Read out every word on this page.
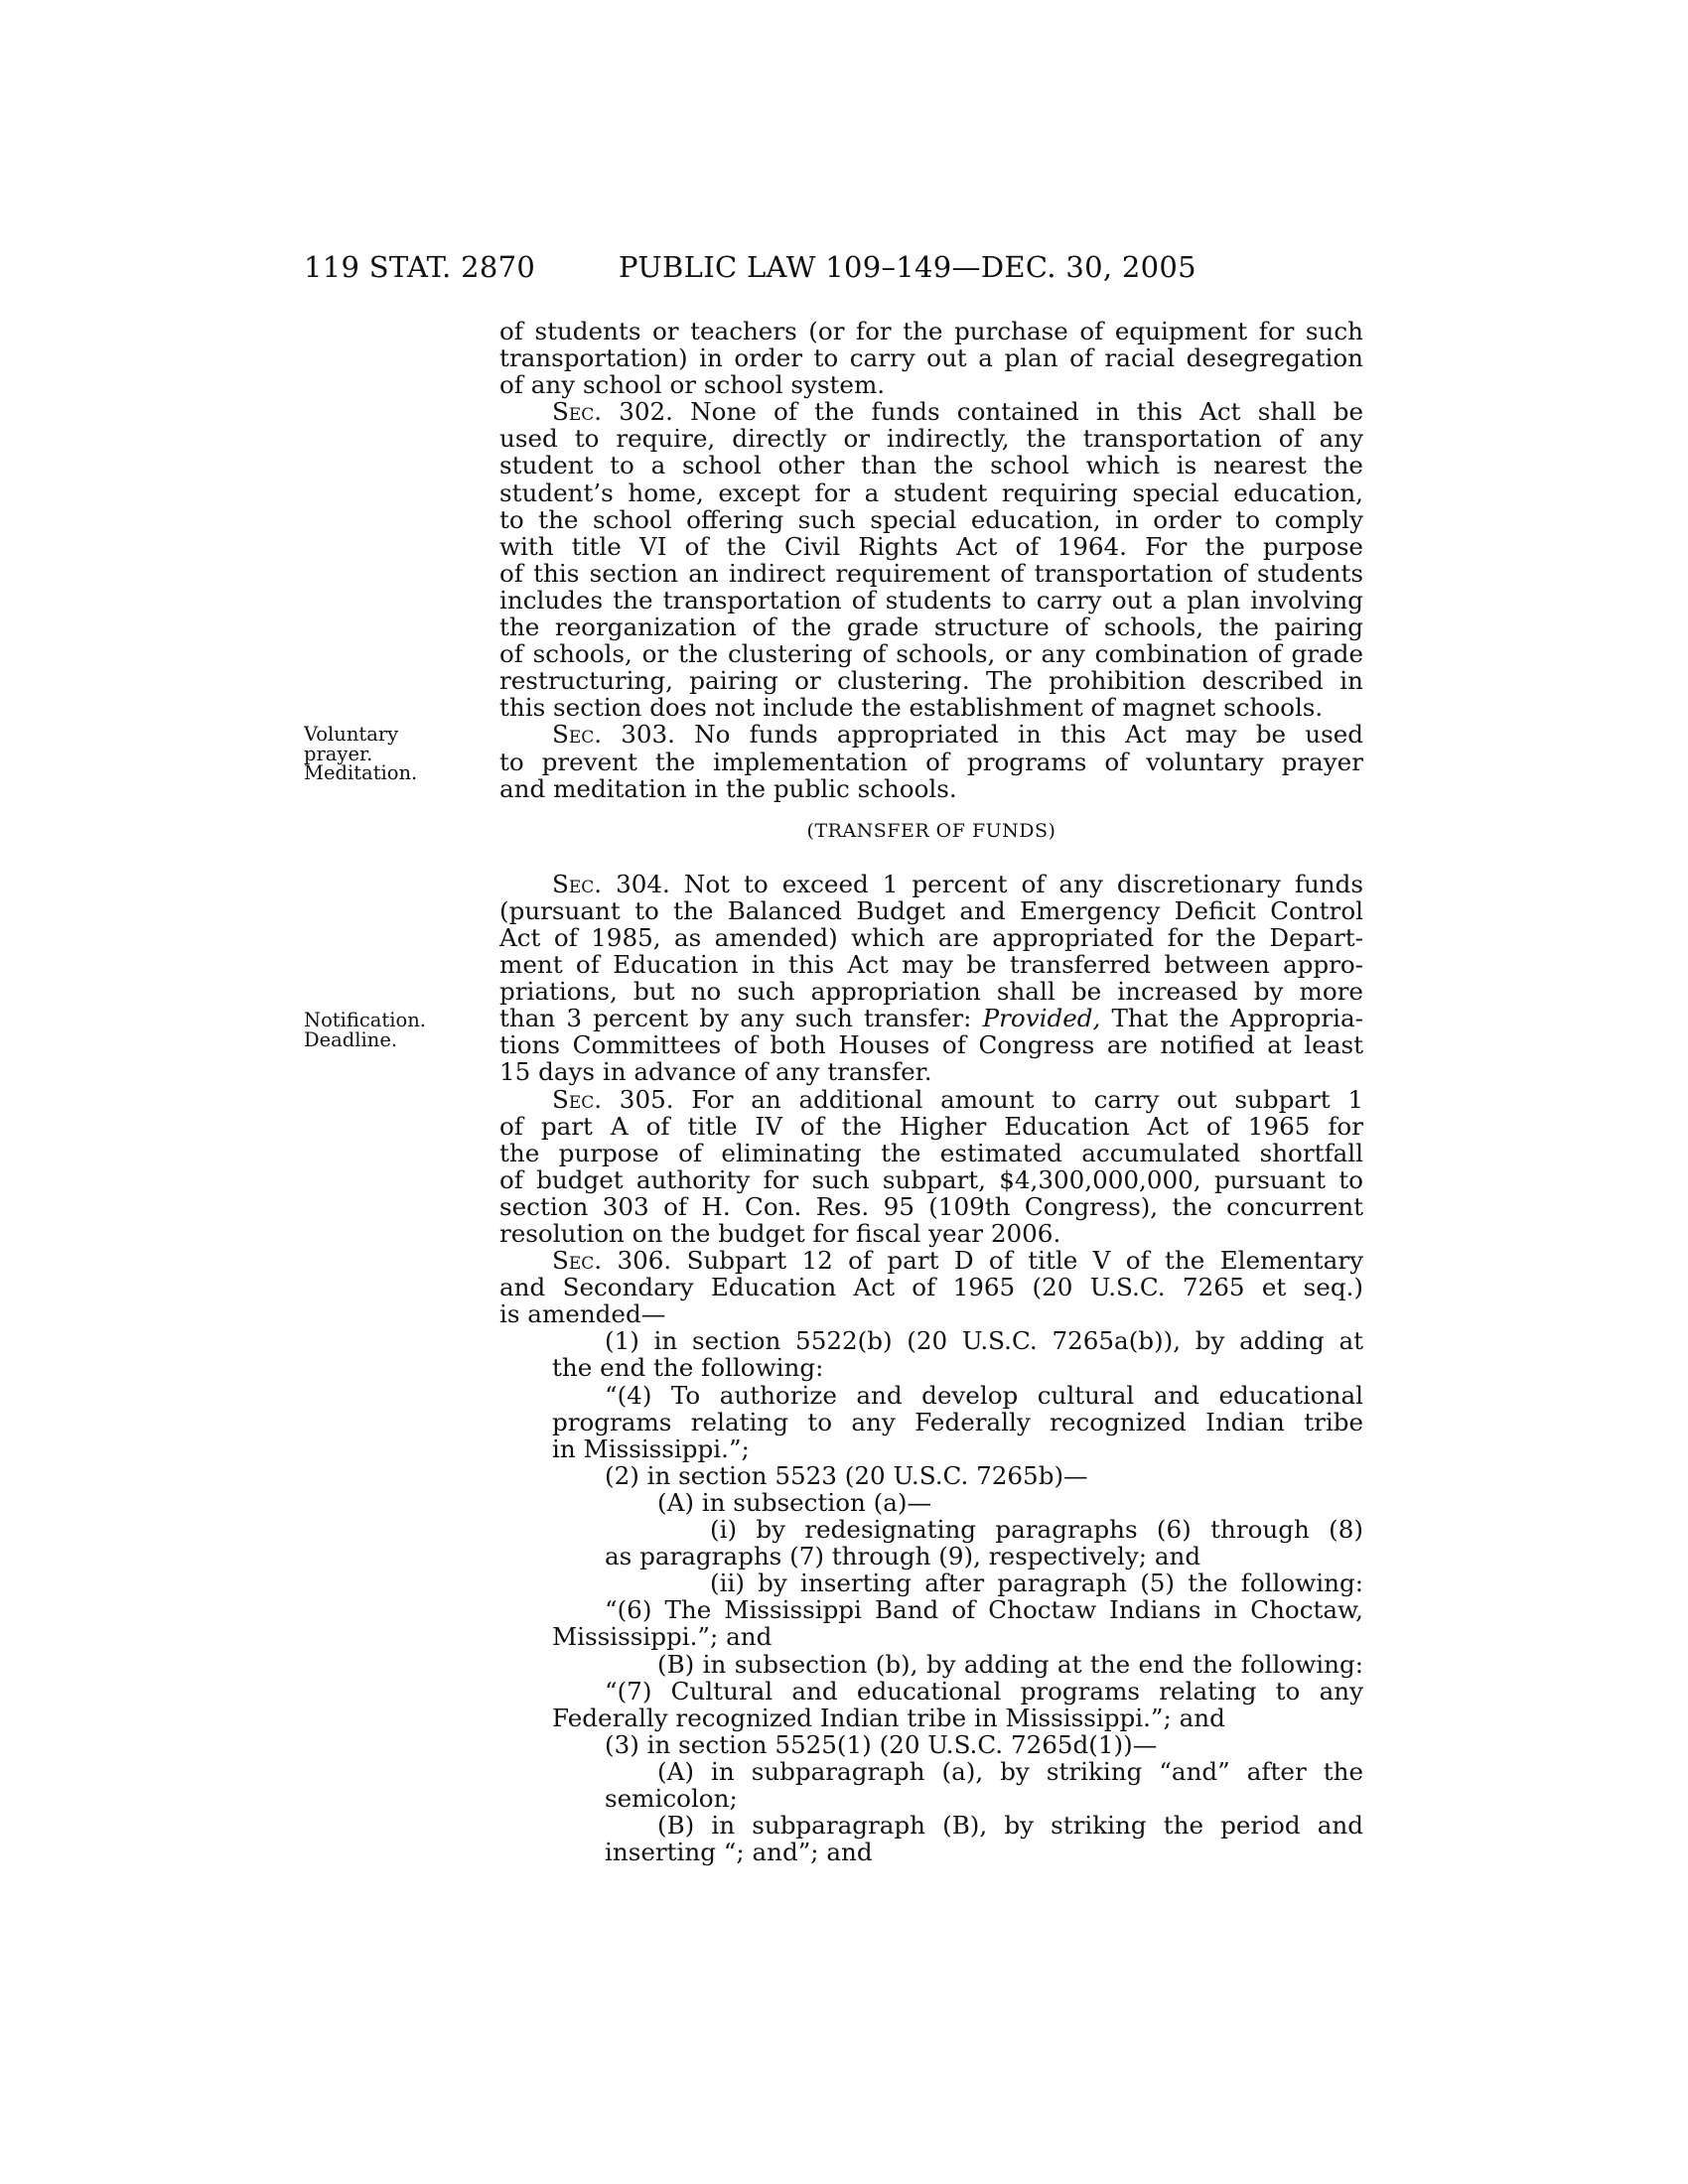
119 STAT. 2870	PUBLIC LAW 109–149—DEC. 30, 2005
Voluntary
prayer.
Meditation.
Notification.
Deadline.
of students or teachers (or for the purchase of equipment for such
transportation) in order to carry out a plan of racial desegregation
of any school or school system.
Sec. 302. None of the funds contained in this Act shall be
used to require, directly or indirectly, the transportation of any
student to a school other than the school which is nearest the
student’s home, except for a student requiring special education,
to the school offering such special education, in order to comply
with title VI of the Civil Rights Act of 1964. For the purpose
of this section an indirect requirement of transportation of students
includes the transportation of students to carry out a plan involving
the reorganization of the grade structure of schools, the pairing
of schools, or the clustering of schools, or any combination of grade
restructuring, pairing or clustering. The prohibition described in
this section does not include the establishment of magnet schools.
Sec. 303. No funds appropriated in this Act may be used
to prevent the implementation of programs of voluntary prayer
and meditation in the public schools.
(TRANSFER OF FUNDS)
Sec. 304. Not to exceed 1 percent of any discretionary funds
(pursuant to the Balanced Budget and Emergency Deficit Control
Act of 1985, as amended) which are appropriated for the Depart-
ment of Education in this Act may be transferred between appro-
priations, but no such appropriation shall be increased by more
than 3 percent by any such transfer: Provided, That the Appropria-
tions Committees of both Houses of Congress are notified at least
15 days in advance of any transfer.
Sec. 305. For an additional amount to carry out subpart 1
of part A of title IV of the Higher Education Act of 1965 for
the purpose of eliminating the estimated accumulated shortfall
of budget authority for such subpart, $4,300,000,000, pursuant to
section 303 of H. Con. Res. 95 (109th Congress), the concurrent
resolution on the budget for fiscal year 2006.
Sec. 306. Subpart 12 of part D of title V of the Elementary
and Secondary Education Act of 1965 (20 U.S.C. 7265 et seq.)
is amended—
(1) in section 5522(b) (20 U.S.C. 7265a(b)), by adding at
the end the following:
“(4) To authorize and develop cultural and educational
programs relating to any Federally recognized Indian tribe
in Mississippi.”;
(2) in section 5523 (20 U.S.C. 7265b)—
(A) in subsection (a)—
(i) by redesignating paragraphs (6) through (8)
as paragraphs (7) through (9), respectively; and
(ii) by inserting after paragraph (5) the following:
“(6) The Mississippi Band of Choctaw Indians in Choctaw,
Mississippi.”; and
(B) in subsection (b), by adding at the end the following:
“(7) Cultural and educational programs relating to any
Federally recognized Indian tribe in Mississippi.”; and
(3) in section 5525(1) (20 U.S.C. 7265d(1))—
(A) in subparagraph (a), by striking “and” after the
semicolon;
(B) in subparagraph (B), by striking the period and
inserting “; and”; and
